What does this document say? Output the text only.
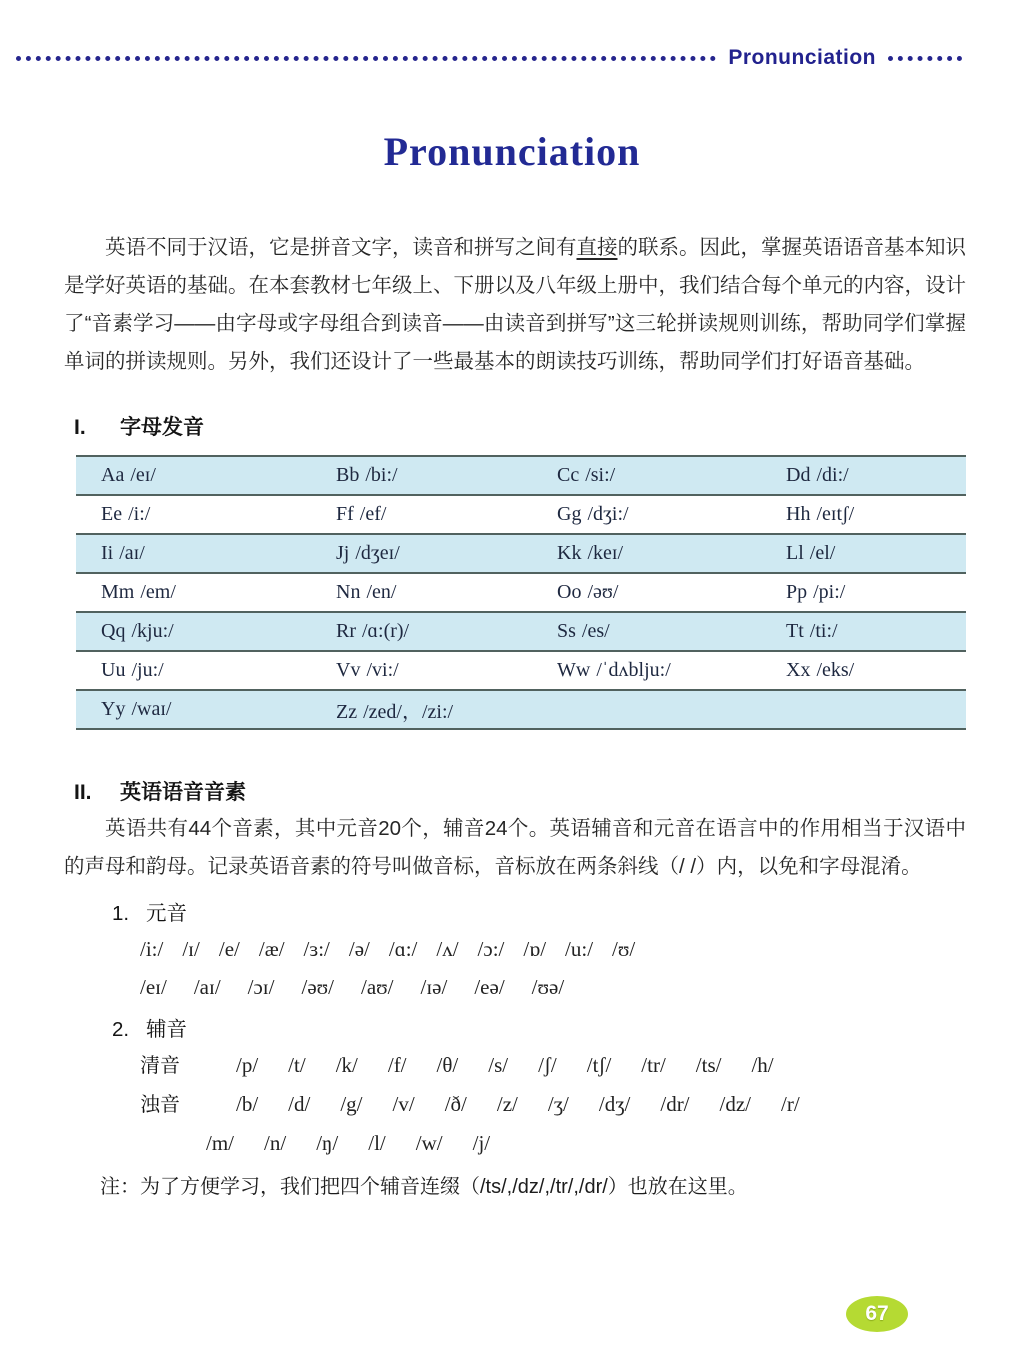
Pronunciation
Pronunciation

英语不同于汉语，它是拼音文字，读音和拼写之间有直接的联系。因此，掌握英语语音基本知识是学好英语的基础。在本套教材七年级上、下册以及八年级上册中，我们结合每个单元的内容，设计了“音素学习——由字母或字母组合到读音——由读音到拼写”这三轮拼读规则训练，帮助同学们掌握单词的拼读规则。另外，我们还设计了一些最基本的朗读技巧训练，帮助同学们打好语音基础。

I. 字母发音
Aa /eɪ/	Bb /bi:/	Cc /si:/	Dd /di:/
Ee /i:/	Ff /ef/	Gg /dʒi:/	Hh /eɪtʃ/
Ii /aɪ/	Jj /dʒeɪ/	Kk /keɪ/	Ll /el/
Mm /em/	Nn /en/	Oo /əʊ/	Pp /pi:/
Qq /kju:/	Rr /ɑ:(r)/	Ss /es/	Tt /ti:/
Uu /ju:/	Vv /vi:/	Ww /ˈdʌblju:/	Xx /eks/
Yy /waɪ/	Zz /zed/，/zi:/
II. 英语语音音素

英语共有44个音素，其中元音20个，辅音24个。英语辅音和元音在语言中的作用相当于汉语中的声母和韵母。记录英语音素的符号叫做音标，音标放在两条斜线（/ /）内，以免和字母混淆。

1. 元音
/i:/ /ɪ/ /e/ /æ/ /ɜ:/ /ə/ /ɑ:/ /ʌ/ /ɔ:/ /ɒ/ /u:/ /ʊ/
/eɪ/ /aɪ/ /ɔɪ/ /əʊ/ /aʊ/ /ɪə/ /eə/ /ʊə/
2. 辅音
清音	/p/ /t/ /k/ /f/ /θ/ /s/ /ʃ/ /tʃ/ /tr/ /ts/ /h/
浊音	/b/ /d/ /g/ /v/ /ð/ /z/ /ʒ/ /dʒ/ /dr/ /dz/ /r/
/m/ /n/ /ŋ/ /l/ /w/ /j/
注：为了方便学习，我们把四个辅音连缀（/ts/,/dz/,/tr/,/dr/）也放在这里。
67
